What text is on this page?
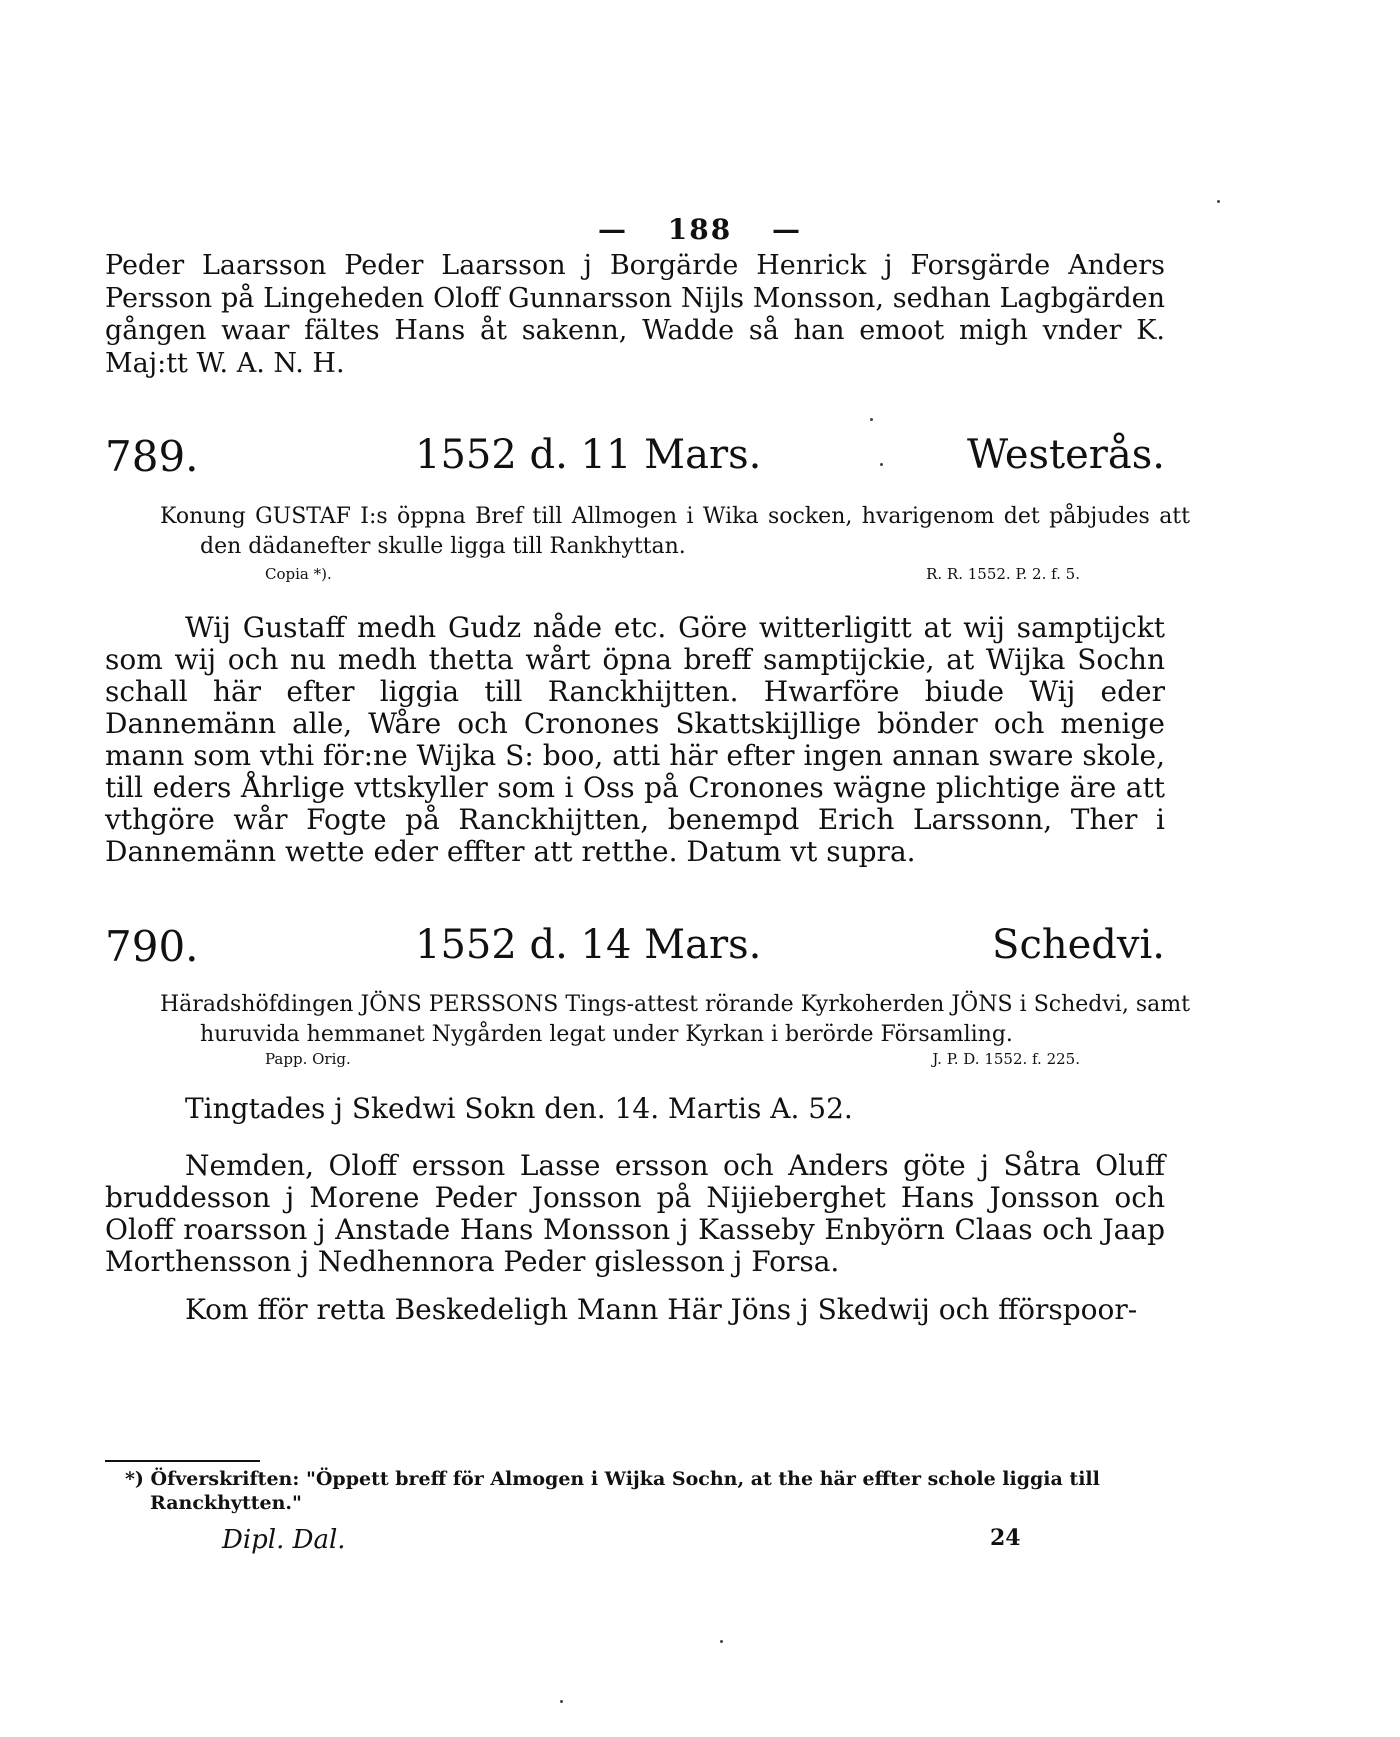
— 188 —
Peder Laarsson Peder Laarsson j Borgärde Henrick j Forsgärde Anders Persson på Lingeheden Oloff Gunnarsson Nijls Monsson, sedhan Lagbgärden gången waar fältes Hans åt sakenn, Wadde så han emoot migh vnder K. Maj:tt W. A. N. H.
789.	1552 d. 11 Mars.	Westerås.
Konung GUSTAF I:s öppna Bref till Allmogen i Wika socken, hvarigenom det påbjudes att den dädanefter skulle ligga till Rankhyttan.
Copia *).	R. R. 1552. P. 2. f. 5.
Wij Gustaff medh Gudz nåde etc. Göre witterligitt at wij samptijckt som wij och nu medh thetta wårt öpna breff samptijckie, at Wijka Sochn schall här efter liggia till Ranckhijtten. Hwarföre biude Wij eder Dannemänn alle, Wåre och Cronones Skattskijllige bönder och menige mann som vthi för:ne Wijka S: boo, atti här efter ingen annan sware skole, till eders Åhrlige vttskyller som i Oss på Cronones wägne plichtige äre att vthgöre wår Fogte på Ranckhijtten, benempd Erich Larssonn, Ther i Dannemänn wette eder effter att retthe. Datum vt supra.
790.	1552 d. 14 Mars.	Schedvi.
Häradshöfdingen JÖNS PERSSONS Tings-attest rörande Kyrkoherden JÖNS i Schedvi, samt huruvida hemmanet Nygården legat under Kyrkan i berörde Församling.
Papp. Orig.	J. P. D. 1552. f. 225.
Tingtades j Skedwi Sokn den. 14. Martis A. 52.
Nemden, Oloff ersson Lasse ersson och Anders göte j Såtra Oluff bruddesson j Morene Peder Jonsson på Nijieberghet Hans Jonsson och Oloff roarsson j Anstade Hans Monsson j Kasseby Enbyörn Claas och Jaap Morthensson j Nedhennora Peder gislesson j Forsa.
Kom fför retta Beskedeligh Mann Här Jöns j Skedwij och fförspoor-
*) Öfverskriften: "Öppett breff för Almogen i Wijka Sochn, at the här effter schole liggia till Ranckhytten."
Dipl. Dal.	24
